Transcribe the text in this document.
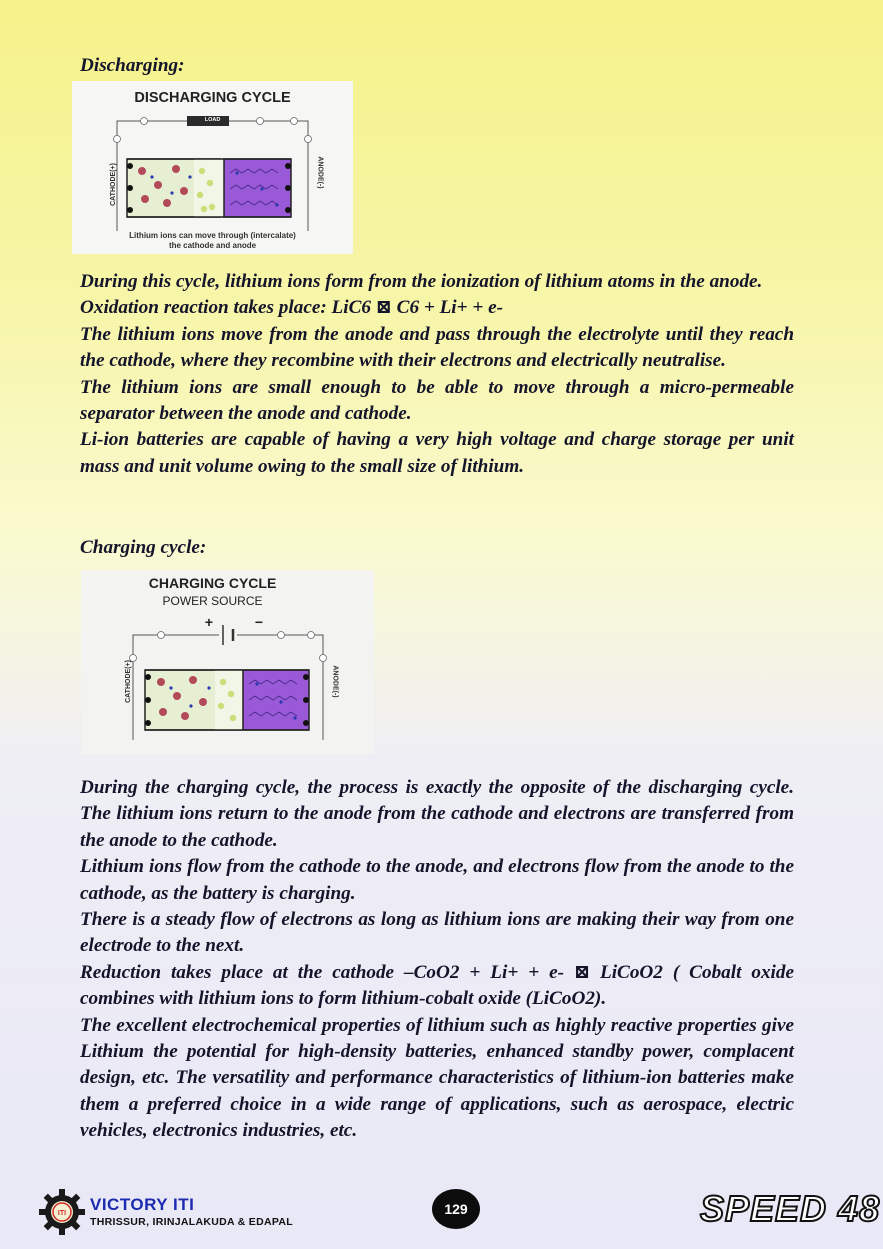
Discharging:
DISCHARGING CYCLE
LOAD
CATHODE(+)	ANODE(-)
Lithium ions can move through (intercalate)
the cathode and anode

During this cycle, lithium ions form from the ionization of lithium atoms in the anode.

Oxidation reaction takes place: LiC6 ⊠ C6 + Li+ + e-

The lithium ions move from the anode and pass through the electrolyte until they reach the cathode, where they recombine with their electrons and electrically neutralise.

The lithium ions are small enough to be able to move through a micro-permeable separator between the anode and cathode.

Li-ion batteries are capable of having a very high voltage and charge storage per unit mass and unit volume owing to the small size of lithium.

Charging cycle:
CHARGING CYCLE
POWER SOURCE
+	−
CATHODE(+)	ANODE(-)

During the charging cycle, the process is exactly the opposite of the discharging cycle. The lithium ions return to the anode from the cathode and electrons are transferred from the anode to the cathode.

Lithium ions flow from the cathode to the anode, and electrons flow from the anode to the cathode, as the battery is charging.

There is a steady flow of electrons as long as lithium ions are making their way from one electrode to the next.

Reduction takes place at the cathode –CoO2 + Li+ + e- ⊠ LiCoO2 ( Cobalt oxide combines with lithium ions to form lithium-cobalt oxide (LiCoO2).

The excellent electrochemical properties of lithium such as highly reactive properties give Lithium the potential for high-density batteries, enhanced standby power, complacent design, etc. The versatility and performance characteristics of lithium-ion batteries make them a preferred choice in a wide range of applications, such as aerospace, electric vehicles, electronics industries, etc.

ITI VICTORY ITI
THRISSUR, IRINJALAKUDA & EDAPAL
129	SPEED 48
